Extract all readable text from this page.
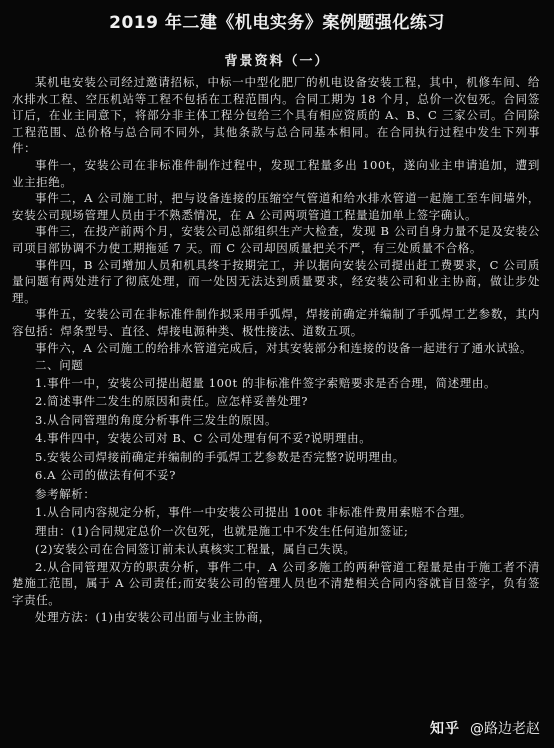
2019 年二建《机电实务》案例题强化练习
背景资料（一）

某机电安装公司经过邀请招标，中标一中型化肥厂的机电设备安装工程，其中，机修车间、给水排水工程、空压机站等工程不包括在工程范围内。合同工期为 18 个月，总价一次包死。合同签订后，在业主同意下，将部分非主体工程分包给三个具有相应资质的 A、B、C 三家公司。合同除工程范围、总价格与总合同不同外，其他条款与总合同基本相同。在合同执行过程中发生下列事件：

事件一，安装公司在非标准件制作过程中，发现工程量多出 100t，遂向业主申请追加，遭到业主拒绝。

事件二，A 公司施工时，把与设备连接的压缩空气管道和给水排水管道一起施工至车间墙外，安装公司现场管理人员由于不熟悉情况，在 A 公司两项管道工程量追加单上签字确认。

事件三，在投产前两个月，安装公司总部组织生产大检查，发现 B 公司自身力量不足及安装公司项目部协调不力使工期拖延 7 天。而 C 公司却因质量把关不严，有三处质量不合格。

事件四，B 公司增加人员和机具终于按期完工，并以据向安装公司提出赶工费要求，C 公司质量问题有两处进行了彻底处理，而一处因无法达到质量要求，经安装公司和业主协商，做让步处理。

事件五，安装公司在非标准件制作拟采用手弧焊，焊接前确定并编制了手弧焊工艺参数，其内容包括：焊条型号、直径、焊接电源种类、极性接法、道数五项。

事件六，A 公司施工的给排水管道完成后，对其安装部分和连接的设备一起进行了通水试验。

二、问题

1.事件一中，安装公司提出超量 100t 的非标准件签字索赔要求是否合理，简述理由。

2.简述事件二发生的原因和责任。应怎样妥善处理?

3.从合同管理的角度分析事件三发生的原因。

4.事件四中，安装公司对 B、C 公司处理有何不妥?说明理由。

5.安装公司焊接前确定并编制的手弧焊工艺参数是否完整?说明理由。

6.A 公司的做法有何不妥?

参考解析：

1.从合同内容规定分析，事件一中安装公司提出 100t 非标准件费用索赔不合理。

理由：(1)合同规定总价一次包死，也就是施工中不发生任何追加签证;

(2)安装公司在合同签订前未认真核实工程量，属自己失误。

2.从合同管理双方的职责分析，事件二中，A 公司多施工的两种管道工程量是由于施工者不清楚施工范围，属于 A 公司责任;而安装公司的管理人员也不清楚相关合同内容就盲目签字，负有签字责任。

处理方法：(1)由安装公司出面与业主协商，

知乎 @路边老赵
